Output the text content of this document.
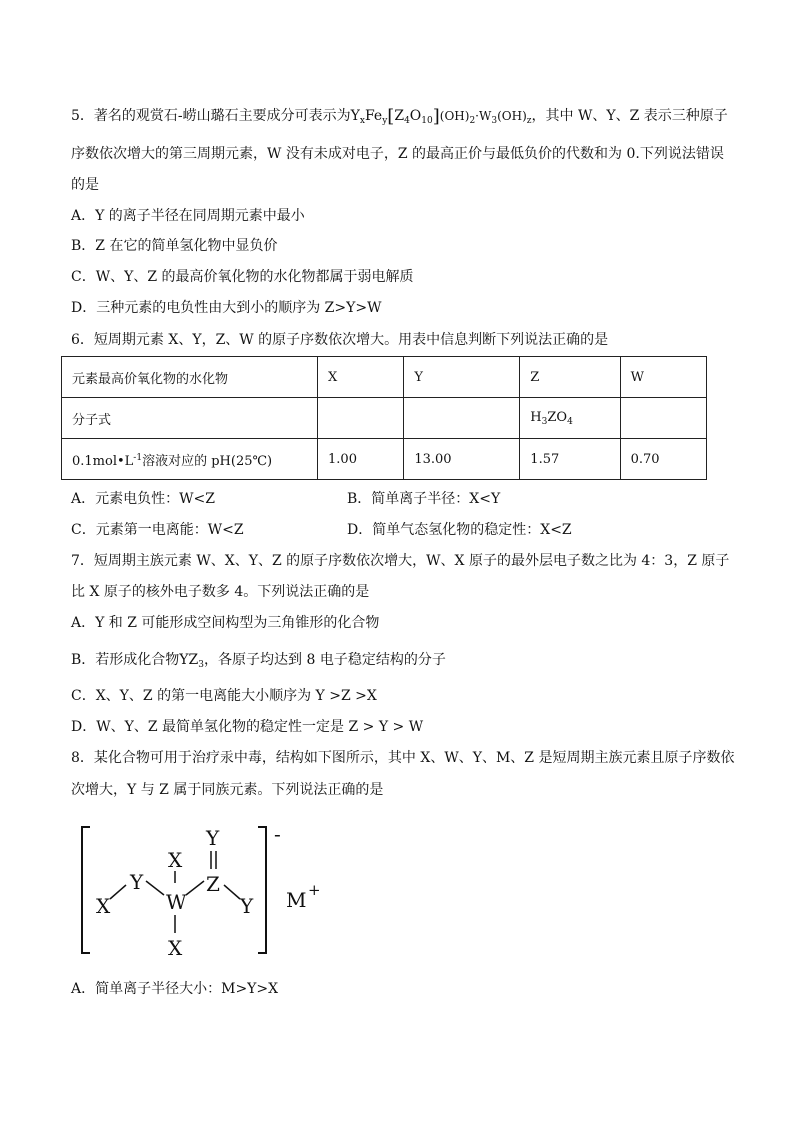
5．著名的观赏石-崂山璐石主要成分可表示为$Y_xFe_y[Z_4O_{10}](OH)_2\cdot W_3(OH)_z$，其中 W、Y、Z 表示三种原子
序数依次增大的第三周期元素，W 没有未成对电子，Z 的最高正价与最低负价的代数和为 0.下列说法错误
的是
A．Y 的离子半径在同周期元素中最小
B．Z 在它的简单氢化物中显负价
C．W、Y、Z 的最高价氧化物的水化物都属于弱电解质
D．三种元素的电负性由大到小的顺序为 Z>Y>W
6．短周期元素 X、Y，Z、W 的原子序数依次增大。用表中信息判断下列说法正确的是
元素最高价氧化物的水化物	X	Y	Z	W
分子式			$H_3ZO_4$	
$0.1mol•L^{-1}$溶液对应的 pH(25℃)	1.00	13.00	1.57	0.70
A．元素电负性：W<Z	B．简单离子半径：X<Y
C．元素第一电离能：W<Z	D．简单气态氢化物的稳定性：X<Z
7．短周期主族元素 W、X、Y、Z 的原子序数依次增大，W、X 原子的最外层电子数之比为 4：3，Z 原子
比 X 原子的核外电子数多 4。下列说法正确的是
A．Y 和 Z 可能形成空间构型为三角锥形的化合物
B．若形成化合物$YZ_3$，各原子均达到 8 电子稳定结构的分子
C．X、Y、Z 的第一电离能大小顺序为 Y >Z >X
D．W、Y、Z 最简单氢化物的稳定性一定是 Z > Y > W
8．某化合物可用于治疗汞中毒，结构如下图所示，其中 X、W、Y、M、Z 是短周期主族元素且原子序数依
次增大，Y 与 Z 属于同族元素。下列说法正确的是
-
X
Y
X
W
X
Y
Z
Y M +
A．简单离子半径大小：M>Y>X
